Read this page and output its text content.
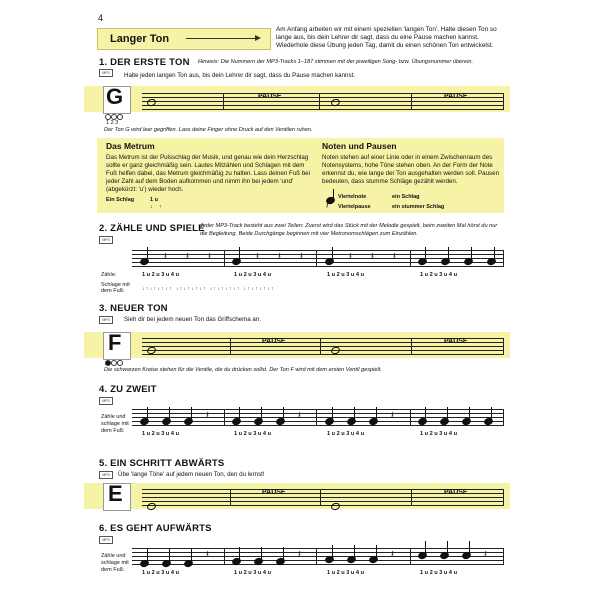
4
Langer Ton
Am Anfang arbeiten wir mit einem speziellen 'langen Ton'. Halte diesen Ton so lange aus, bis dein Lehrer dir sagt, dass du eine Pause machen kannst. Wiederhole diese Übung jeden Tag, damit du einen schönen Ton entwickelst.
1. DER ERSTE TON Hinweis: Die Nummern der MP3-Tracks 1–187 stimmen mit der jeweiligen Song- bzw. Übungsnummer überein.
MP3	Halte jeden langen Ton aus, bis dein Lehrer dir sagt, dass du Pause machen kannst.
G	PAUSE	PAUSE
1 2 3
Der Ton G wird leer gegriffen. Lass deine Finger ohne Druck auf den Ventilen ruhen.
Das Metrum
Das Metrum ist der Pulsschlag der Musik, und genau wie dein Herzschlag sollte er ganz gleichmäßig sein. Lautes Mitzählen und Schlagen mit dem Fuß helfen dabei, das Metrum gleichmäßig zu halten. Lass deinen Fuß bei jeder Zahl auf dem Boden aufkommen und nimm ihn bei jedem 'und' (abgekürzt: 'u') wieder hoch.
Ein Schlag	1 u
↓    ↑
Noten und Pausen
Noten stehen auf einer Linie oder in einem Zwischenraum des Notensystems, hohe Töne stehen oben. An der Form der Note erkennst du, wie lange der Ton ausgehalten werden soll. Pausen bedeuten, dass stumme Schläge gezählt werden.
Viertelnote	ein Schlag
𝄽 Viertelpause	ein stummer Schlag
2. ZÄHLE UND SPIELE
Jeder MP3-Track besteht aus zwei Teilen: Zuerst wird das Stück mit der Melodie gespielt, beim zweiten Mal hörst du nur die Begleitung. Beide Durchgänge beginnen mit vier Metronomschlägen zum Einzählen.
MP3
Zähle:	1 u 2 u 3 u 4 u	1 u 2 u 3 u 4 u	1 u 2 u 3 u 4 u	1 u 2 u 3 u 4 u
Schlage mit dem Fuß:	↓ ↑ ↓ ↑ ↓ ↑ ↓ ↑   ↓ ↑ ↓ ↑ ↓ ↑ ↓ ↑   ↓ ↑ ↓ ↑ ↓ ↑ ↓ ↑   ↓ ↑ ↓ ↑ ↓ ↑ ↓ ↑
3. NEUER TON
MP3	Sieh dir bei jedem neuen Ton das Griffschema an.
F	PAUSE	PAUSE
Die schwarzen Kreise stehen für die Ventile, die du drücken sollst. Der Ton F wird mit dem ersten Ventil gespielt.
4. ZU ZWEIT
MP3
Zähle und schlage mit dem Fuß:	1 u 2 u 3 u 4 u	1 u 2 u 3 u 4 u	1 u 2 u 3 u 4 u	1 u 2 u 3 u 4 u
5. EIN SCHRITT ABWÄRTS
MP3	Übe 'lange Töne' auf jedem neuen Ton, den du lernst!
E	PAUSE	PAUSE
6. ES GEHT AUFWÄRTS
MP3
Zähle und schlage mit dem Fuß:	1 u 2 u 3 u 4 u	1 u 2 u 3 u 4 u	1 u 2 u 3 u 4 u	1 u 2 u 3 u 4 u
𝄽 𝄽 𝄽	𝄽 𝄽 𝄽	𝄽 𝄽 𝄽
𝄽	𝄽	𝄽
𝄽	𝄽	𝄽	𝄽
